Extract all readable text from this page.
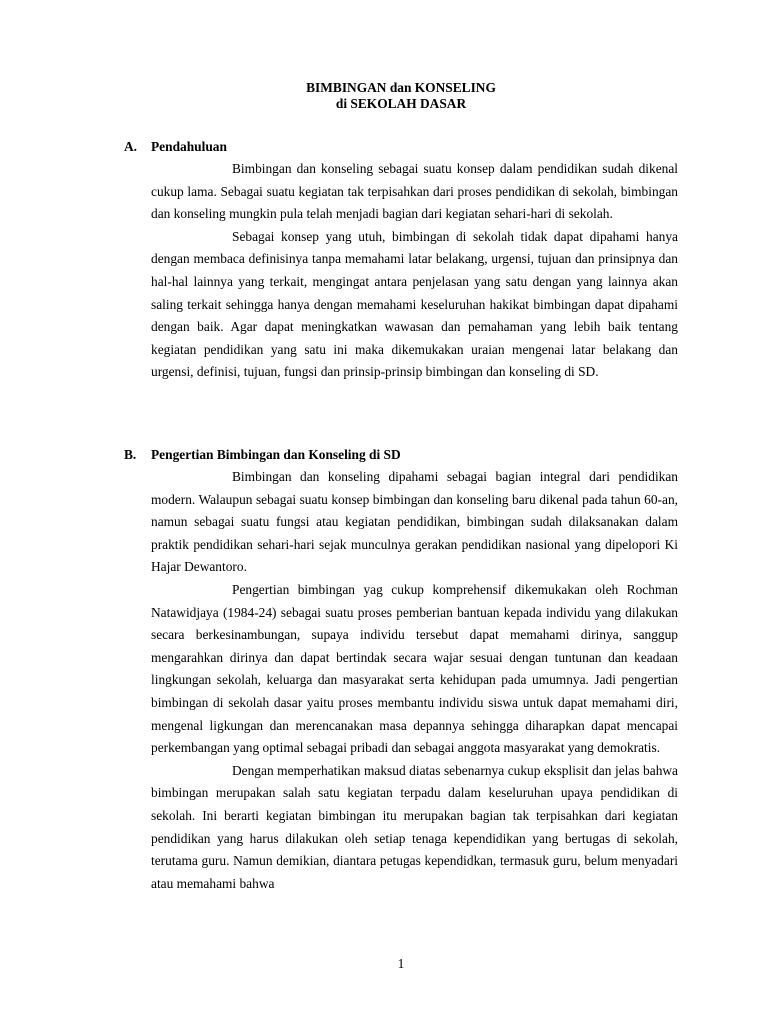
BIMBINGAN dan KONSELING
di SEKOLAH DASAR
A. Pendahuluan

Bimbingan dan konseling sebagai suatu konsep dalam pendidikan sudah dikenal cukup lama. Sebagai suatu kegiatan tak terpisahkan dari proses pendidikan di sekolah, bimbingan dan konseling mungkin pula telah menjadi bagian dari kegiatan sehari-hari di sekolah.

Sebagai konsep yang utuh, bimbingan di sekolah tidak dapat dipahami hanya dengan membaca definisinya tanpa memahami latar belakang, urgensi, tujuan dan prinsipnya dan hal-hal lainnya yang terkait, mengingat antara penjelasan yang satu dengan yang lainnya akan saling terkait sehingga hanya dengan memahami keseluruhan hakikat bimbingan dapat dipahami dengan baik. Agar dapat meningkatkan wawasan dan pemahaman yang lebih baik tentang kegiatan pendidikan yang satu ini maka dikemukakan uraian mengenai latar belakang dan urgensi, definisi, tujuan, fungsi dan prinsip-prinsip bimbingan dan konseling di SD.

B. Pengertian Bimbingan dan Konseling di SD

Bimbingan dan konseling dipahami sebagai bagian integral dari pendidikan modern. Walaupun sebagai suatu konsep bimbingan dan konseling baru dikenal pada tahun 60-an, namun sebagai suatu fungsi atau kegiatan pendidikan, bimbingan sudah dilaksanakan dalam praktik pendidikan sehari-hari sejak munculnya gerakan pendidikan nasional yang dipelopori Ki Hajar Dewantoro.

Pengertian bimbingan yag cukup komprehensif dikemukakan oleh Rochman Natawidjaya (1984-24) sebagai suatu proses pemberian bantuan kepada individu yang dilakukan secara berkesinambungan, supaya individu tersebut dapat memahami dirinya, sanggup mengarahkan dirinya dan dapat bertindak secara wajar sesuai dengan tuntunan dan keadaan lingkungan sekolah, keluarga dan masyarakat serta kehidupan pada umumnya. Jadi pengertian bimbingan di sekolah dasar yaitu proses membantu individu siswa untuk dapat memahami diri, mengenal ligkungan dan merencanakan masa depannya sehingga diharapkan dapat mencapai perkembangan yang optimal sebagai pribadi dan sebagai anggota masyarakat yang demokratis.

Dengan memperhatikan maksud diatas sebenarnya cukup eksplisit dan jelas bahwa bimbingan merupakan salah satu kegiatan terpadu dalam keseluruhan upaya pendidikan di sekolah. Ini berarti kegiatan bimbingan itu merupakan bagian tak terpisahkan dari kegiatan pendidikan yang harus dilakukan oleh setiap tenaga kependidikan yang bertugas di sekolah, terutama guru. Namun demikian, diantara petugas kependidkan, termasuk guru, belum menyadari atau memahami bahwa

1
